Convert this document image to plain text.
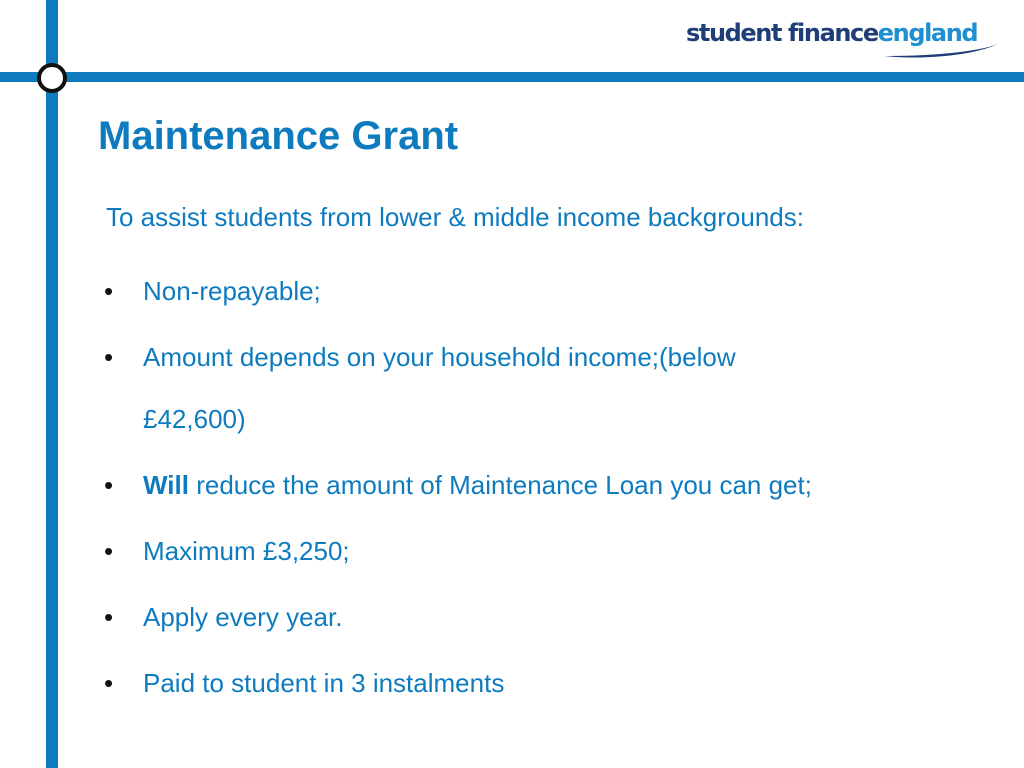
student financeengland
Maintenance Grant

To assist students from lower & middle income backgrounds:

• Non-repayable;
• Amount depends on your household income;(below
£42,600)
• Will reduce the amount of Maintenance Loan you can get;
• Maximum £3,250;
• Apply every year.
• Paid to student in 3 instalments
